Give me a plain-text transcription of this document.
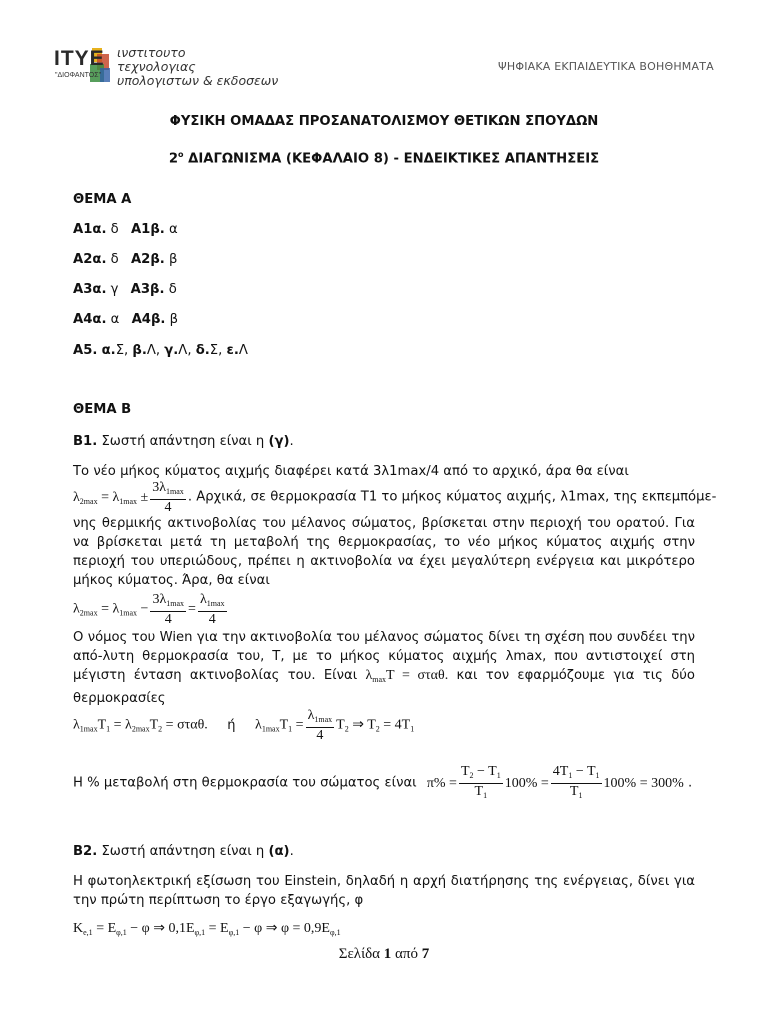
ΙΤΥΕ
"ΔΙΟΦΑΝΤΟΣ"
ινστιτουτο
τεχνολογιας
υπολογιστων & εκδοσεων
ΨΗΦΙΑΚΑ ΕΚΠΑΙΔΕΥΤΙΚΑ ΒΟΗΘΗΜΑΤΑ
ΦΥΣΙΚΗ ΟΜΑΔΑΣ ΠΡΟΣΑΝΑΤΟΛΙΣΜΟΥ ΘΕΤΙΚΩΝ ΣΠΟΥΔΩΝ
$2^o$ ΔΙΑΓΩΝΙΣΜΑ (ΚΕΦΑΛΑΙΟ 8) - ΕΝΔΕΙΚΤΙΚΕΣ ΑΠΑΝΤΗΣΕΙΣ
ΘΕΜΑ Α
Α1α. δ Α1β. α
Α2α. δ Α2β. β
Α3α. γ Α3β. δ
Α4α. α Α4β. β
Α5. α.Σ, β.Λ, γ.Λ, δ.Σ, ε.Λ
ΘΕΜΑ Β
Β1. Σωστή απάντηση είναι η (γ).
Το νέο μήκος κύματος αιχμής διαφέρει κατά 3λ1max/4 από το αρχικό, άρα θα είναι
$\lambda_{2max} = \lambda_{1max} \pm \frac{3\lambda_{1max}}{4}$ . Αρχικά, σε θερμοκρασία Τ1 το μήκος κύματος αιχμής, λ1max, της εκπεμπόμε-
νης θερμικής ακτινοβολίας του μέλανος σώματος, βρίσκεται στην περιοχή του ορατού. Για να βρίσκεται μετά τη μεταβολή της θερμοκρασίας, το νέο μήκος κύματος αιχμής στην περιοχή του υπεριώδους, πρέπει η ακτινοβολία να έχει μεγαλύτερη ενέργεια και μικρότερο μήκος κύματος. Άρα, θα είναι
$\lambda_{2max} = \lambda_{1max} - \frac{3\lambda_{1max}}{4} = \frac{\lambda_{1max}}{4}$
Ο νόμος του Wien για την ακτινοβολία του μέλανος σώματος δίνει τη σχέση που συνδέει την από-λυτη θερμοκρασία του, Τ, με το μήκος κύματος αιχμής λmax, που αντιστοιχεί στη μέγιστη ένταση ακτινοβολίας του. Είναι $\lambda_{max}T = \sigma\tau\alpha\theta$. και τον εφαρμόζουμε για τις δύο θερμοκρασίες
$\lambda_{1max}T_1 = \lambda_{2max}T_2 = \sigma\tau\alpha\theta$. ή $\lambda_{1max}T_1 = \frac{\lambda_{1max}}{4} T_2$ ⇒ $T_2 = 4T_1$
Η % μεταβολή στη θερμοκρασία του σώματος είναι $\pi\% = \frac{T_2 - T_1}{T_1} 100\% = \frac{4T_1 - T_1}{T_1} 100\% = 300\%$ .
Β2. Σωστή απάντηση είναι η (α).
Η φωτοηλεκτρική εξίσωση του Einstein, δηλαδή η αρχή διατήρησης της ενέργειας, δίνει για την πρώτη περίπτωση το έργο εξαγωγής, φ
$K_{e,1} = E_{\varphi,1} - \varphi$ ⇒ $0,1E_{\varphi,1} = E_{\varphi,1} - \varphi$ ⇒ $\varphi = 0,9E_{\varphi,1}$
Σελίδα 1 από 7
